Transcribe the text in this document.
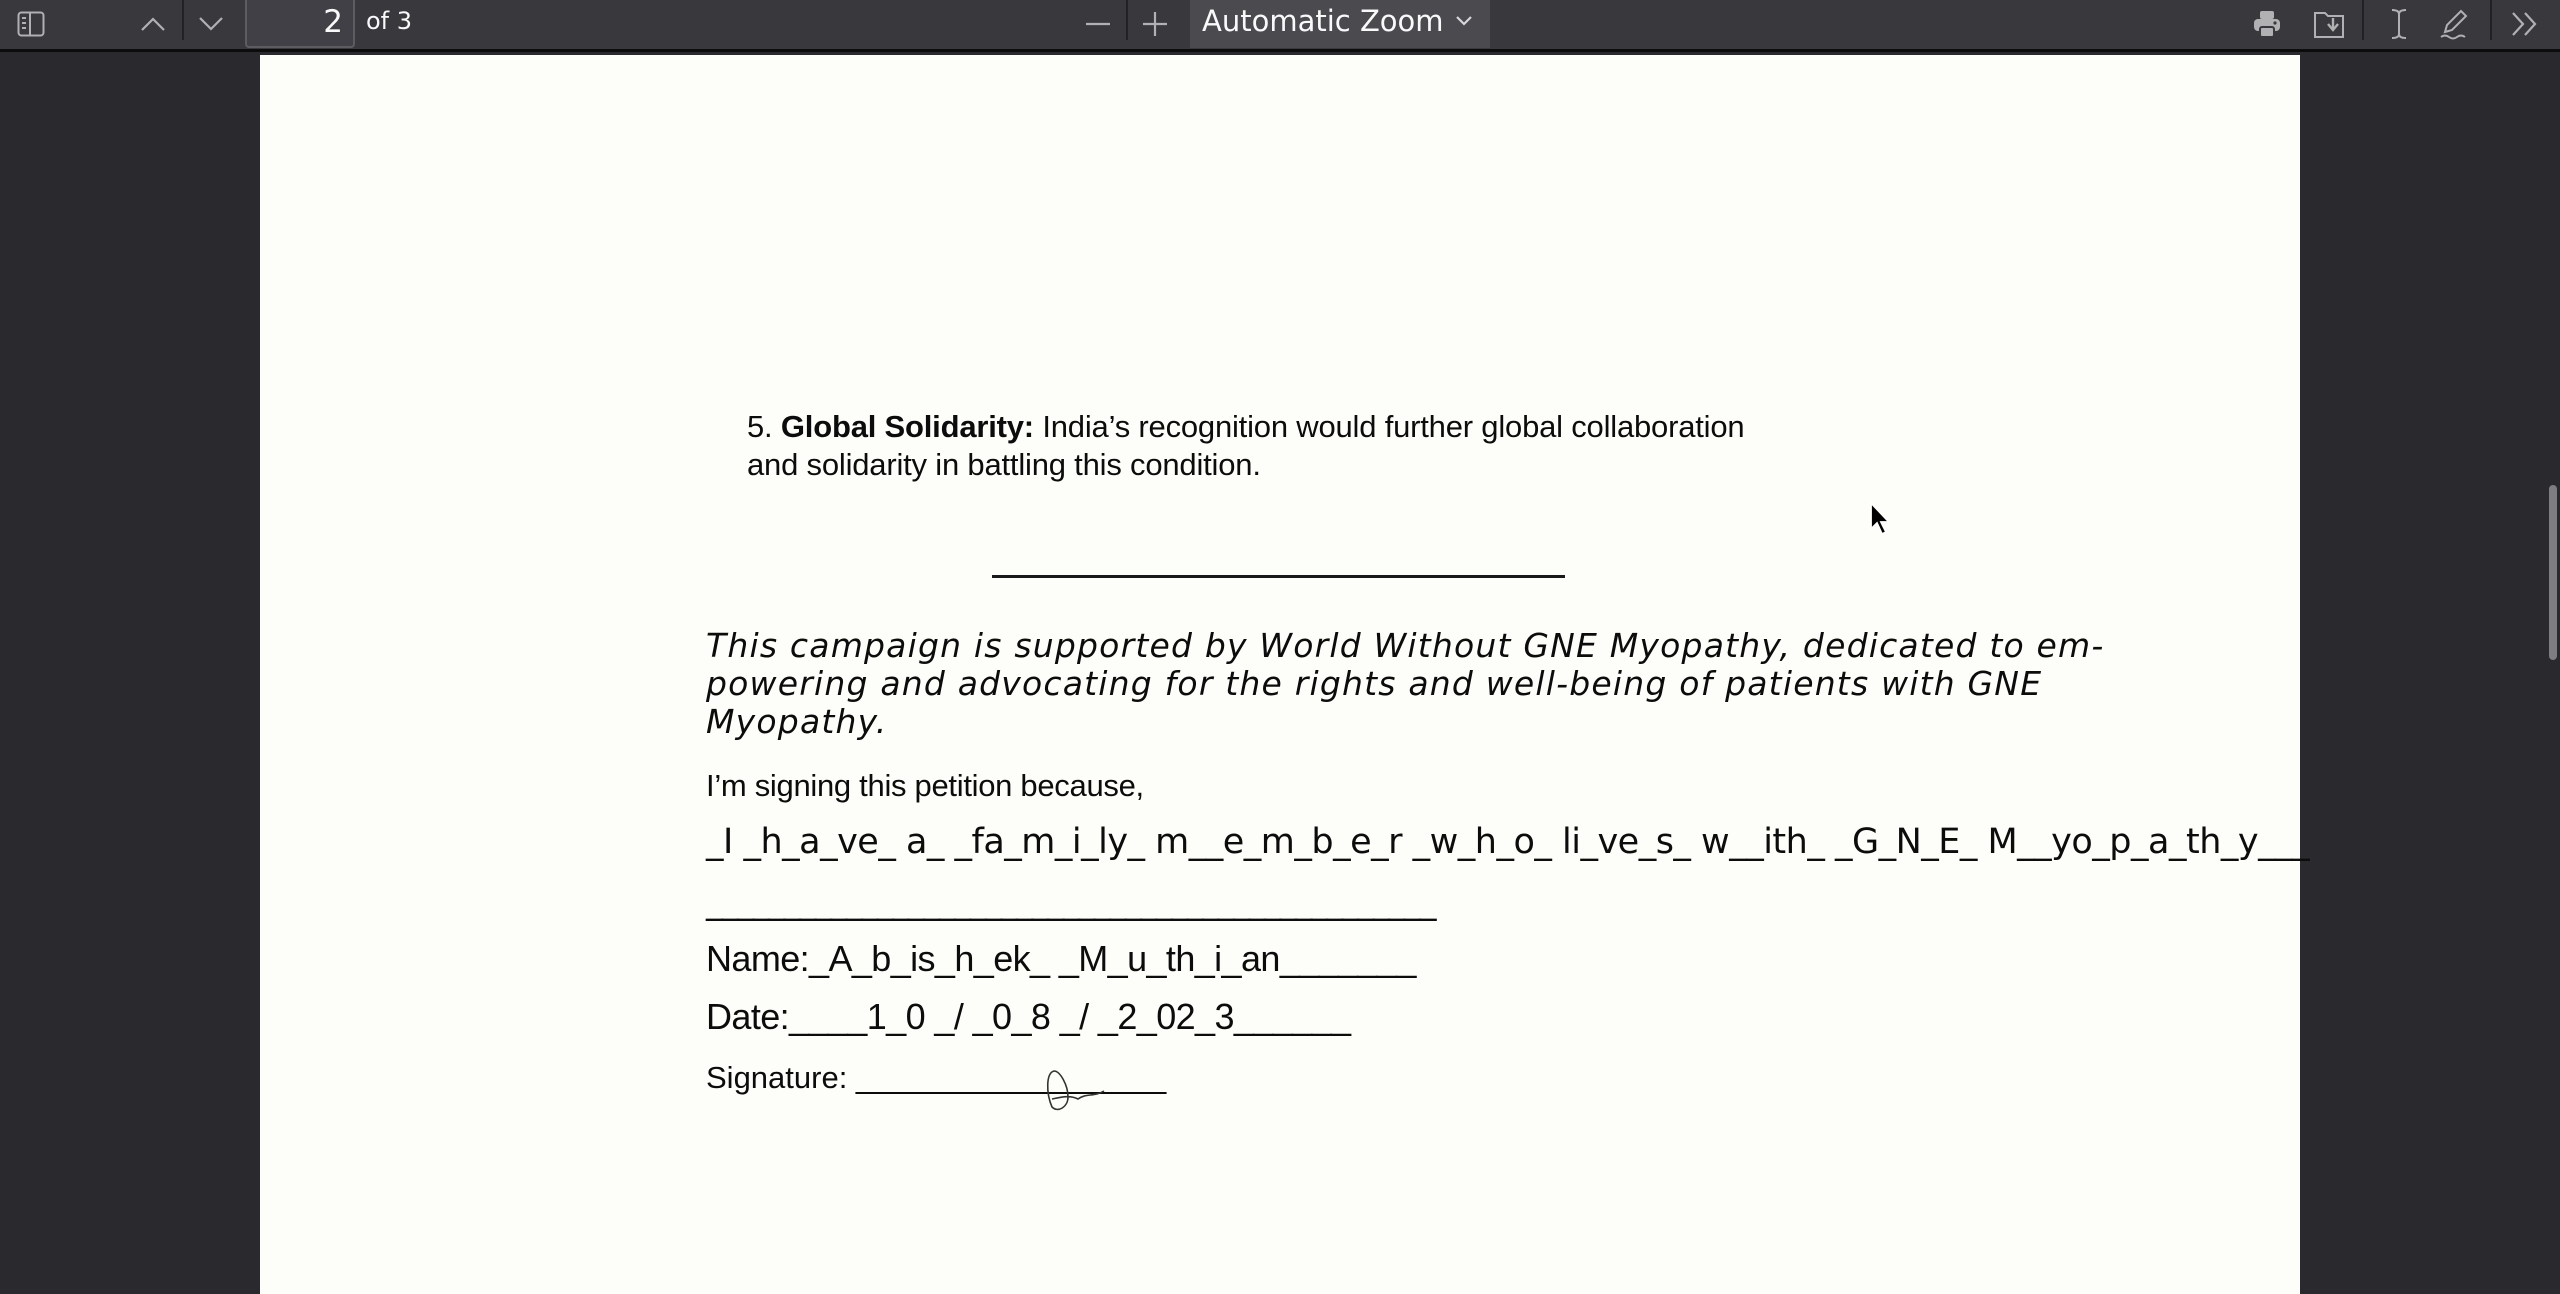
2 of 3	Automatic Zoom
5. Global Solidarity: India’s recognition would further global collaboration
and solidarity in battling this condition.
This campaign is supported by World Without GNE Myopathy, dedicated to em-
powering and advocating for the rights and well-being of patients with GNE
Myopathy.
I’m signing this petition because,
_I _h_a_ve_ a_ _fa_m_i_ly_ m__e_m_b_e_r _w_h_o_ li_ve_s_ w__ith_ _G_N_E_ M__yo_p_a_th_y___
_______________________________________________
Name:_A_b_is_h_ek_ _M_u_th_i_an_______
Date:____1_0 _/ _0_8 _/ _2_02_3______
Signature: __________________
